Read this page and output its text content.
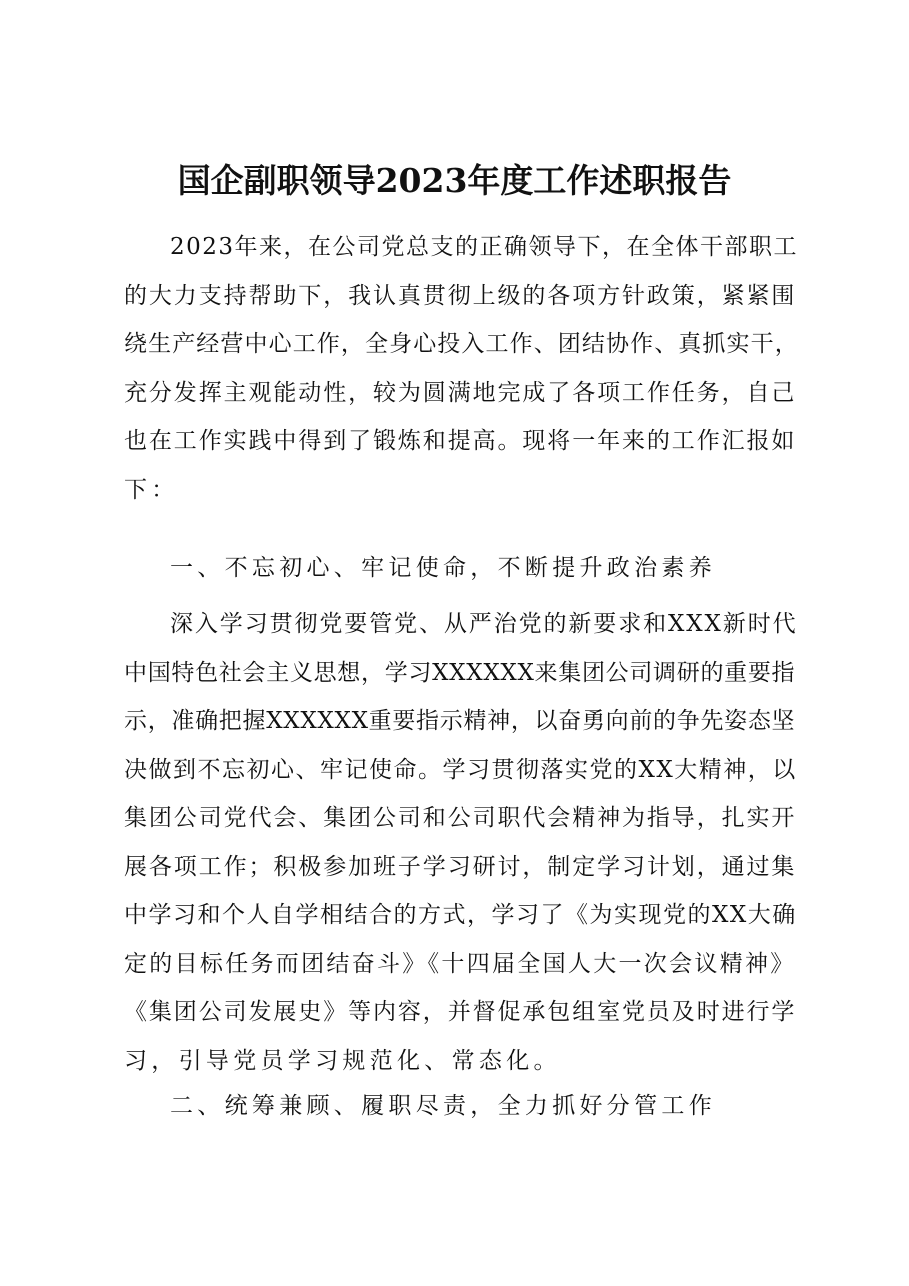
国企副职领导2023年度工作述职报告
2023年来，在公司党总支的正确领导下，在全体干部职工
的大力支持帮助下，我认真贯彻上级的各项方针政策，紧紧围
绕生产经营中心工作，全身心投入工作、团结协作、真抓实干，
充分发挥主观能动性，较为圆满地完成了各项工作任务，自己
也在工作实践中得到了锻炼和提高。现将一年来的工作汇报如
下：
一、不忘初心、牢记使命，不断提升政治素养
深入学习贯彻党要管党、从严治党的新要求和XXX新时代
中国特色社会主义思想，学习XXXXXX来集团公司调研的重要指
示，准确把握XXXXXX重要指示精神，以奋勇向前的争先姿态坚
决做到不忘初心、牢记使命。学习贯彻落实党的XX大精神，以
集团公司党代会、集团公司和公司职代会精神为指导，扎实开
展各项工作；积极参加班子学习研讨，制定学习计划，通过集
中学习和个人自学相结合的方式，学习了《为实现党的XX大确
定的目标任务而团结奋斗》《十四届全国人大一次会议精神》
《集团公司发展史》等内容，并督促承包组室党员及时进行学
习，引导党员学习规范化、常态化。
二、统筹兼顾、履职尽责，全力抓好分管工作
